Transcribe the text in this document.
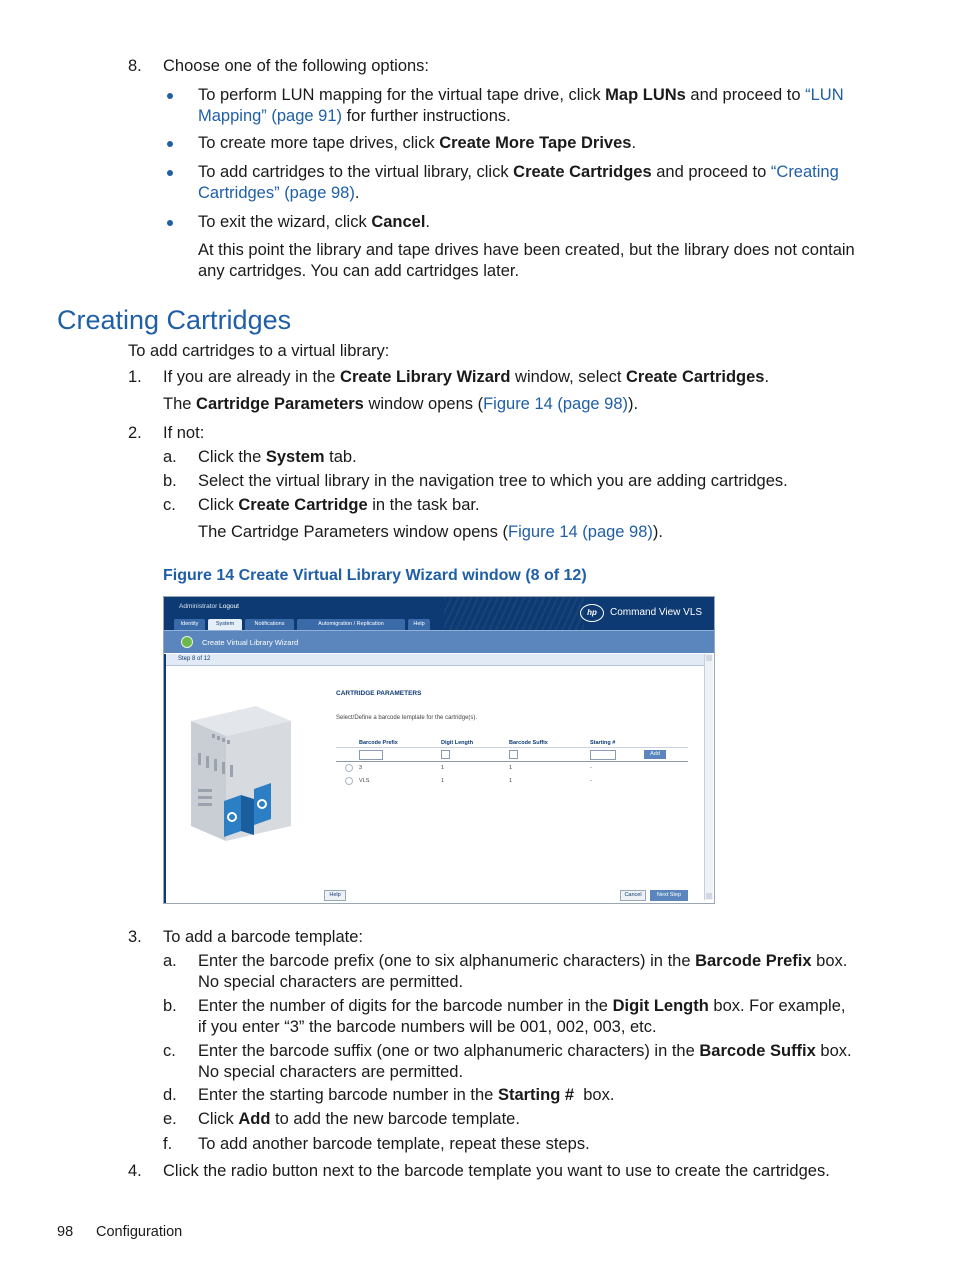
8. Choose one of the following options:
To perform LUN mapping for the virtual tape drive, click Map LUNs and proceed to “LUN
Mapping” (page 91) for further instructions.
To create more tape drives, click Create More Tape Drives.
To add cartridges to the virtual library, click Create Cartridges and proceed to “Creating
Cartridges” (page 98).
To exit the wizard, click Cancel.
At this point the library and tape drives have been created, but the library does not contain
any cartridges. You can add cartridges later.
Creating Cartridges
To add cartridges to a virtual library:
1. If you are already in the Create Library Wizard window, select Create Cartridges.
The Cartridge Parameters window opens (Figure 14 (page 98)).
2. If not:
a. Click the System tab.
b. Select the virtual library in the navigation tree to which you are adding cartridges.
c. Click Create Cartridge in the task bar.
The Cartridge Parameters window opens (Figure 14 (page 98)).
Figure 14 Create Virtual Library Wizard window (8 of 12)
Administrator Logout
hp	Command View VLS
Identity	System	Notifications	Automigration / Replication	Help
Create Virtual Library Wizard
Step 8 of 12
CARTRIDGE PARAMETERS
Select/Define a barcode template for the cartridge(s).
Barcode Prefix	Digit Length	Barcode Suffix	Starting #
Add
3	1	1	-
VLS	1	1	-
Help	Cancel	Next Step
3. To add a barcode template:
a. Enter the barcode prefix (one to six alphanumeric characters) in the Barcode Prefix box.
No special characters are permitted.
b. Enter the number of digits for the barcode number in the Digit Length box. For example,
if you enter “3” the barcode numbers will be 001, 002, 003, etc.
c. Enter the barcode suffix (one or two alphanumeric characters) in the Barcode Suffix box.
No special characters are permitted.
d. Enter the starting barcode number in the Starting #  box.
e. Click Add to add the new barcode template.
f. To add another barcode template, repeat these steps.
4. Click the radio button next to the barcode template you want to use to create the cartridges.
98 Configuration
